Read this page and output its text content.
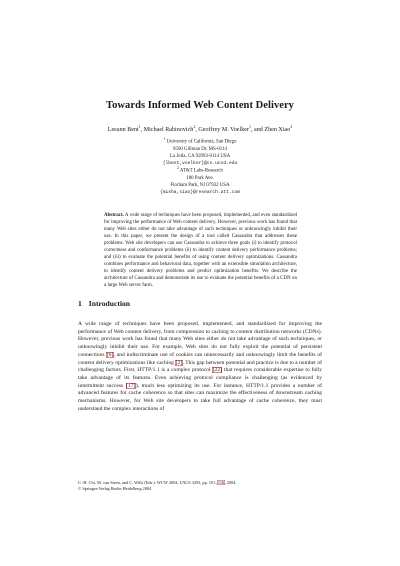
Towards Informed Web Content Delivery
Leeann Bent$^1$, Michael Rabinovich$^2$, Geoffrey M. Voelker$^1$, and Zhen Xiao$^2$
$^1$ University of California, San Diego
9500 Gillman Dr. MS-0114
La Jolla, CA 92093-0114 USA
{lbent,voelker}@cs.ucsd.edu
$^2$ AT&T Labs-Research
180 Park Ave.
Florham Park, NJ 07932 USA
{misha,xiao}@research.att.com
Abstract. A wide range of techniques have been proposed, implemented, and even standardized for improving the performance of Web content delivery. However, previous work has found that many Web sites either do not take advantage of such techniques or unknowingly inhibit their use. In this paper, we present the design of a tool called Cassandra that addresses these problems. Web site developers can use Cassandra to achieve three goals (i) to identify protocol correctness and conformance problems (ii) to identify content delivery performance problems; and (iii) to evaluate the potential benefits of using content delivery optimizations. Cassandra combines performance and behavioral data, together with an extensible simulation architecture, to identify content delivery problems and predict optimization benefits. We describe the architecture of Cassandra and demonstrate its use to evaluate the potential benefits of a CDN on a large Web server farm.
1 Introduction
A wide range of techniques have been proposed, implemented, and standardized for improving the performance of Web content delivery, from compression to caching to content distribution networks (CDNs). However, previous work has found that many Web sites either do not take advantage of such techniques, or unknowingly inhibit their use. For example, Web sites do not fully exploit the potential of persistent connections [6], and indiscriminate use of cookies can unnecessarily and unknowingly limit the benefits of content delivery optimizations like caching [2]. This gap between potential and practice is due to a number of challenging factors. First, HTTP/1.1 is a complex protocol [22] that requires considerable expertise to fully take advantage of its features. Even achieving protocol compliance is challenging (as evidenced by intermittent success [17]), much less optimizing its use. For instance, HTTP/1.1 provides a number of advanced features for cache coherence so that sites can maximize the effectiveness of downstream caching mechanisms. However, for Web site developers to take full advantage of cache coherence, they must understand the complex interactions of
C.-H. Chi, M. van Steen, and C. Wills (Eds.): WCW 2004, LNCS 3293, pp. 101–116, 2004.
© Springer-Verlag Berlin Heidelberg 2004
